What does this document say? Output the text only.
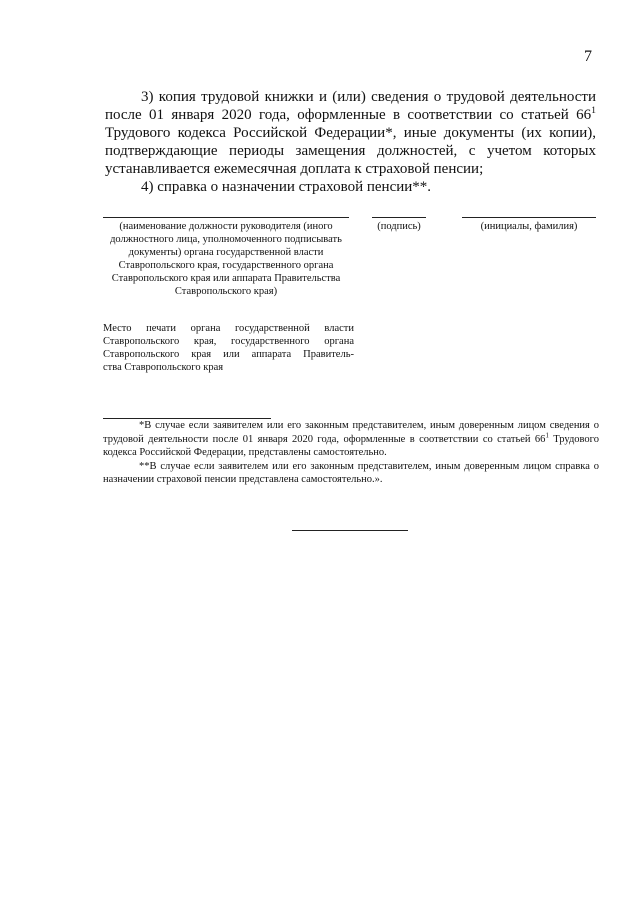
7

3) копия трудовой книжки и (или) сведения о трудовой деятельности после 01 января 2020 года, оформленные в соответствии со статьей $66^1$ Трудового кодекса Российской Федерации*, иные документы (их копии), подтверждающие периоды замещения должностей, с учетом которых устанавливается ежемесячная доплата к страховой пенсии;

4) справка о назначении страховой пенсии**.

(наименование должности руководителя (иного должностного лица, уполномоченного подписывать документы) органа государственной власти Ставропольского края, государственного органа Ставропольского края или аппарата Правительства Ставропольского края)
(подпись)	(инициалы, фамилия)
Место печати органа государственной власти
Ставропольского края, государственного органа
Ставропольского края или аппарата Правитель-
ства Ставропольского края

*В случае если заявителем или его законным представителем, иным доверенным лицом сведения о трудовой деятельности после 01 января 2020 года, оформленные в соответствии со статьей $66^1$ Трудового кодекса Российской Федерации, представлены самостоятельно.

**В случае если заявителем или его законным представителем, иным доверенным лицом справка о назначении страховой пенсии представлена самостоятельно.».
